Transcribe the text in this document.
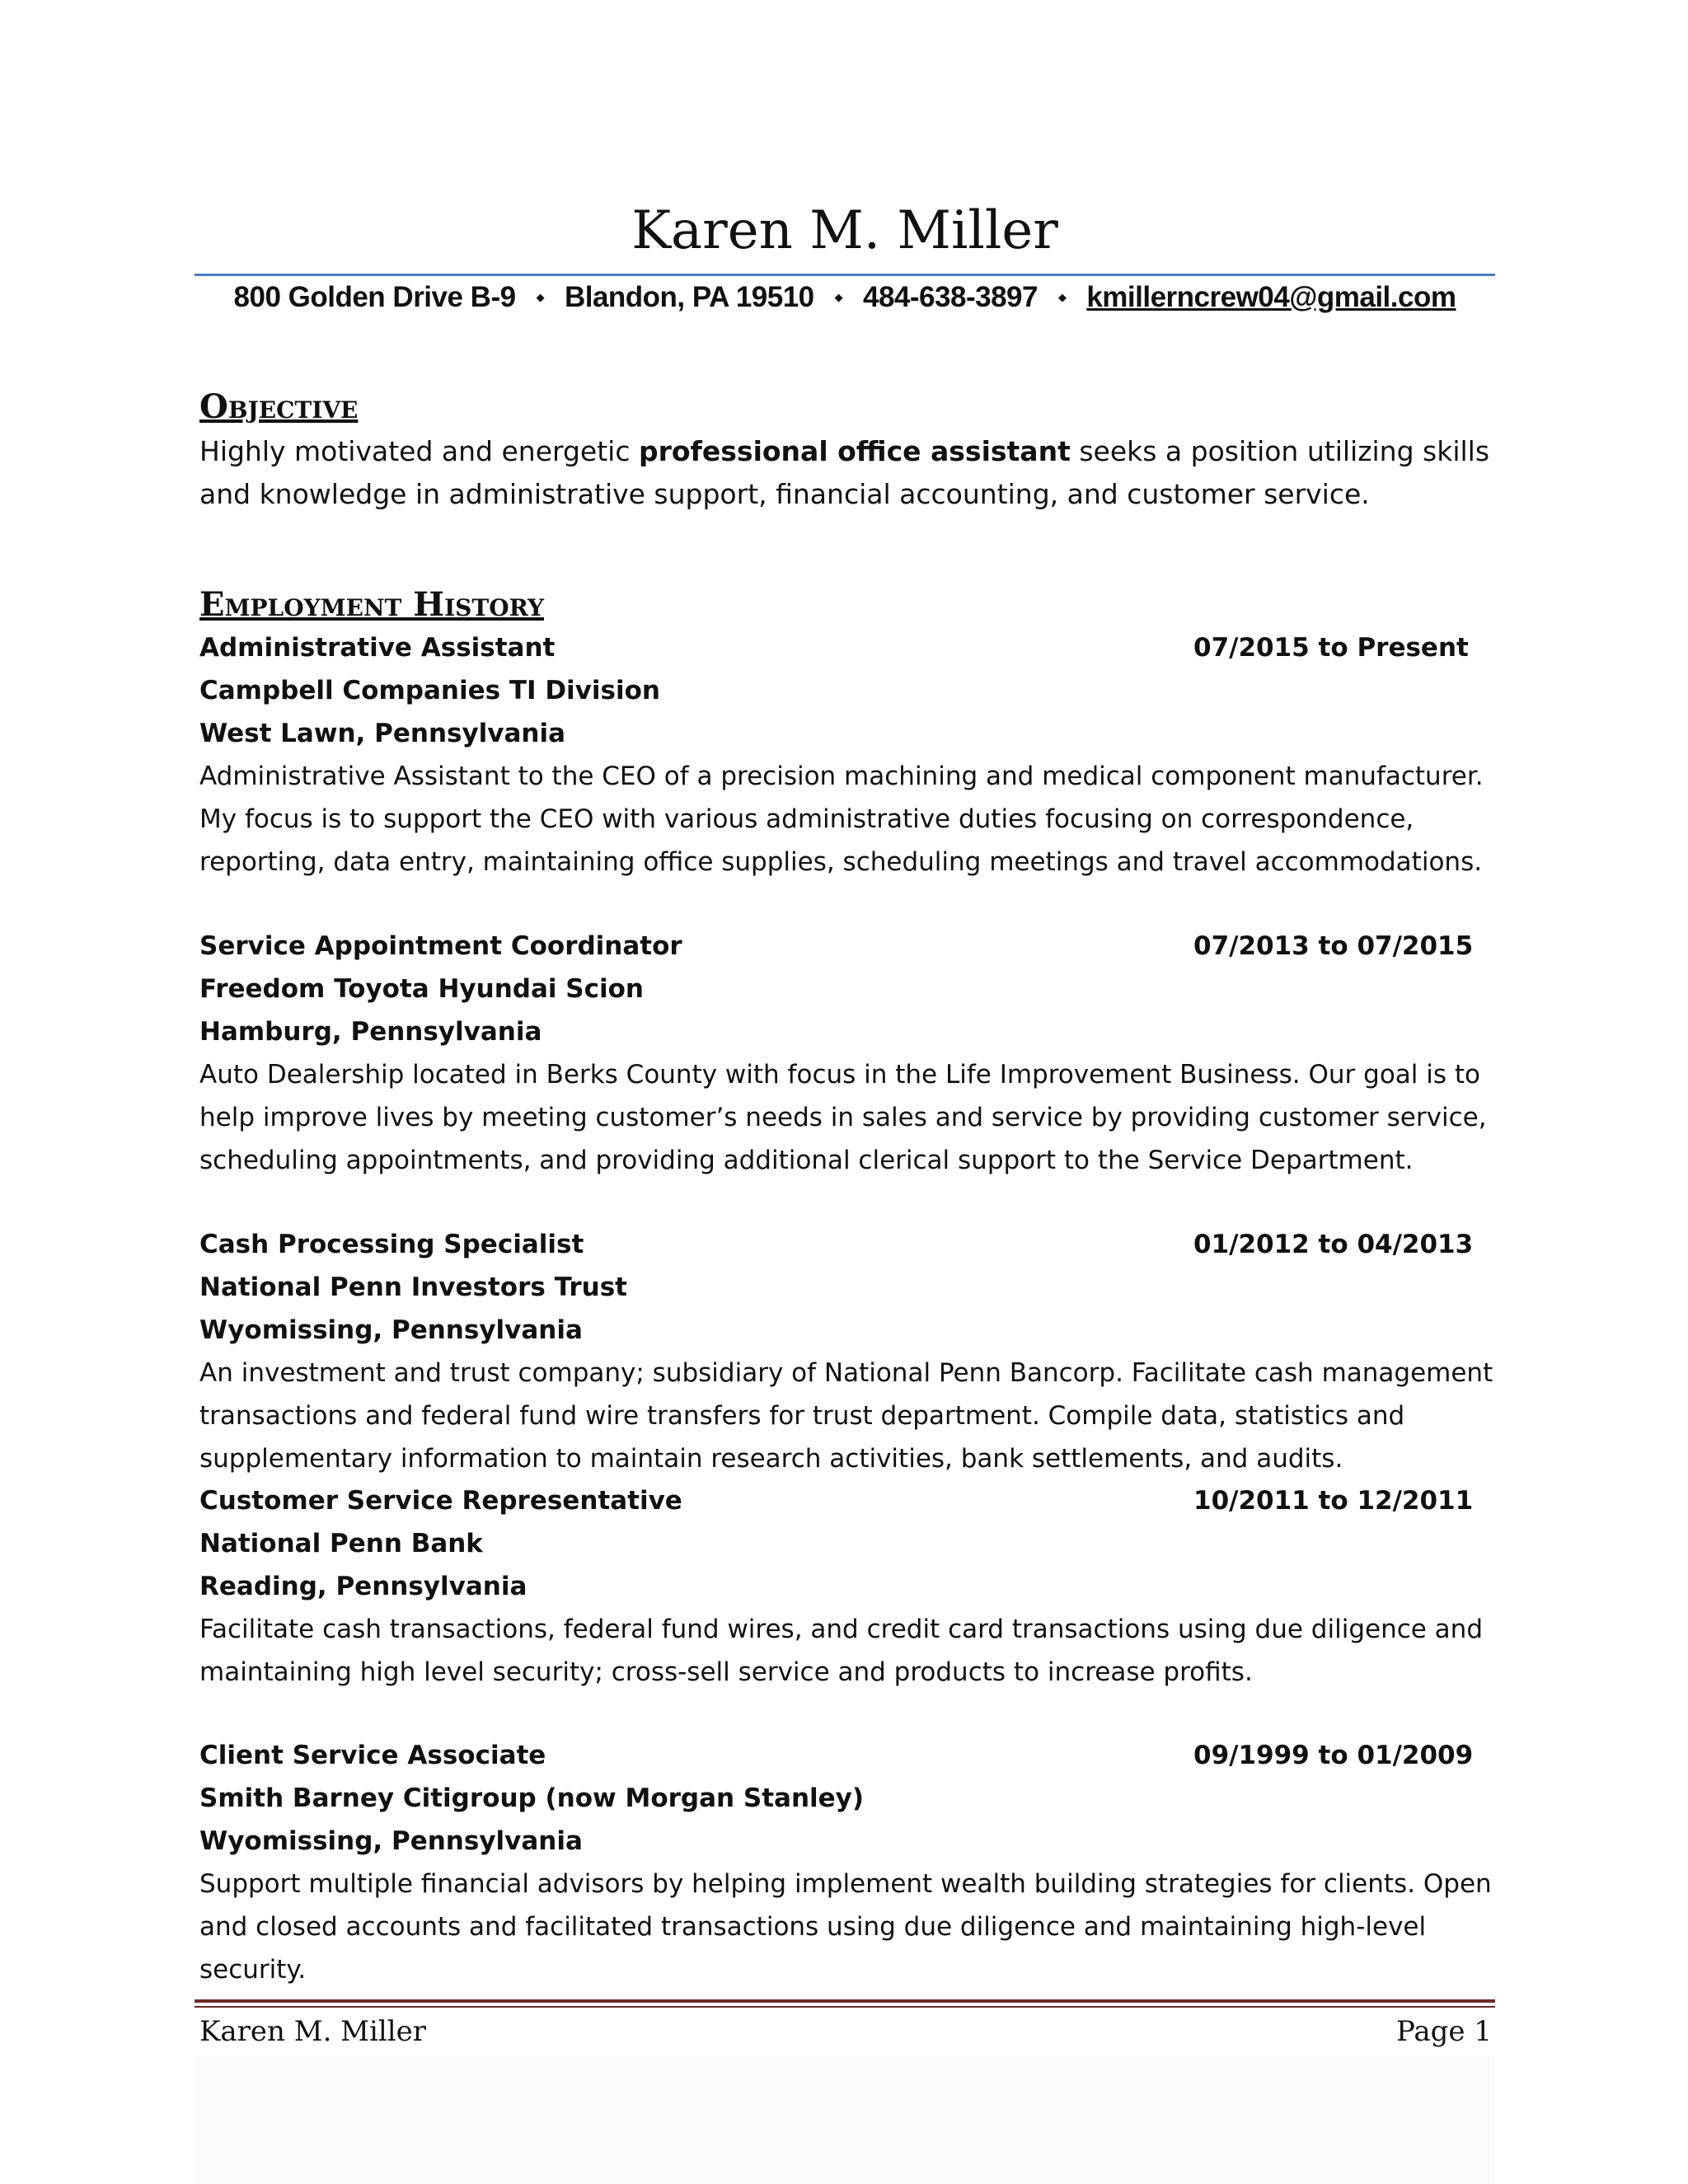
Karen M. Miller
800 Golden Drive B-9 ⬩ Blandon, PA 19510 ⬩ 484-638-3897 ⬩ kmillerncrew04@gmail.com
Objective
Highly motivated and energetic professional office assistant seeks a position utilizing skills and knowledge in administrative support, financial accounting, and customer service.
Employment History
Administrative Assistant	07/2015 to Present
Campbell Companies TI Division
West Lawn, Pennsylvania
Administrative Assistant to the CEO of a precision machining and medical component manufacturer. My focus is to support the CEO with various administrative duties focusing on correspondence, reporting, data entry, maintaining office supplies, scheduling meetings and travel accommodations.
Service Appointment Coordinator	07/2013 to 07/2015
Freedom Toyota Hyundai Scion
Hamburg, Pennsylvania
Auto Dealership located in Berks County with focus in the Life Improvement Business. Our goal is to help improve lives by meeting customer’s needs in sales and service by providing customer service, scheduling appointments, and providing additional clerical support to the Service Department.
Cash Processing Specialist	01/2012 to 04/2013
National Penn Investors Trust
Wyomissing, Pennsylvania
An investment and trust company; subsidiary of National Penn Bancorp. Facilitate cash management transactions and federal fund wire transfers for trust department. Compile data, statistics and supplementary information to maintain research activities, bank settlements, and audits.
Customer Service Representative	10/2011 to 12/2011
National Penn Bank
Reading, Pennsylvania
Facilitate cash transactions, federal fund wires, and credit card transactions using due diligence and maintaining high level security; cross-sell service and products to increase profits.
Client Service Associate	09/1999 to 01/2009
Smith Barney Citigroup (now Morgan Stanley)
Wyomissing, Pennsylvania
Support multiple financial advisors by helping implement wealth building strategies for clients. Open and closed accounts and facilitated transactions using due diligence and maintaining high-level security.
Karen M. Miller	Page 1
